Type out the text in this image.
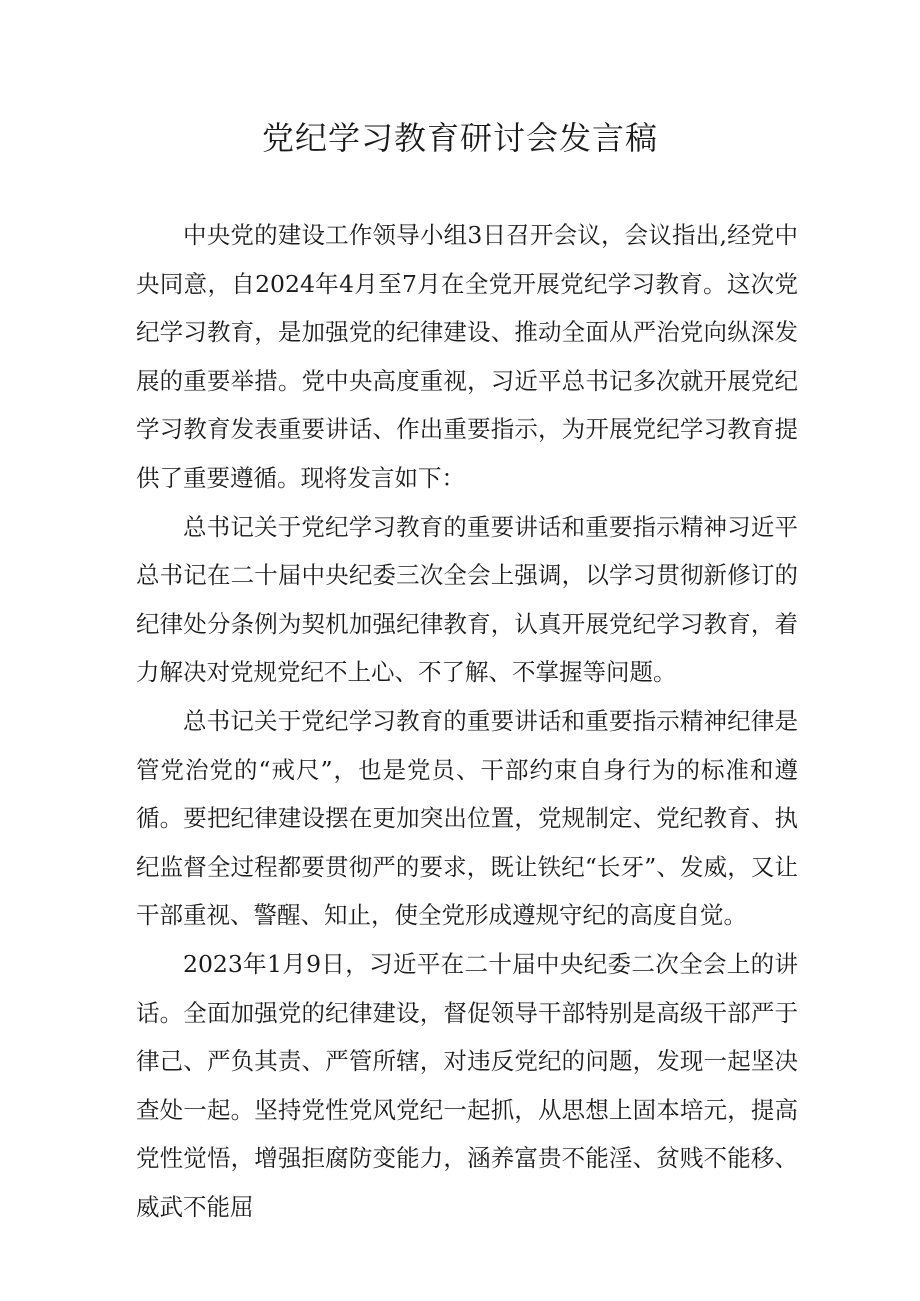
党纪学习教育研讨会发言稿

中央党的建设工作领导小组3日召开会议，会议指出,经党中央同意，自2024年4月至7月在全党开展党纪学习教育。这次党纪学习教育，是加强党的纪律建设、推动全面从严治党向纵深发展的重要举措。党中央高度重视，习近平总书记多次就开展党纪学习教育发表重要讲话、作出重要指示，为开展党纪学习教育提供了重要遵循。现将发言如下：

总书记关于党纪学习教育的重要讲话和重要指示精神习近平总书记在二十届中央纪委三次全会上强调，以学习贯彻新修订的纪律处分条例为契机加强纪律教育，认真开展党纪学习教育，着力解决对党规党纪不上心、不了解、不掌握等问题。

总书记关于党纪学习教育的重要讲话和重要指示精神纪律是管党治党的“戒尺”，也是党员、干部约束自身行为的标准和遵循。要把纪律建设摆在更加突出位置，党规制定、党纪教育、执纪监督全过程都要贯彻严的要求，既让铁纪“长牙”、发威，又让干部重视、警醒、知止，使全党形成遵规守纪的高度自觉。

2023年1月9日，习近平在二十届中央纪委二次全会上的讲话。全面加强党的纪律建设，督促领导干部特别是高级干部严于律己、严负其责、严管所辖，对违反党纪的问题，发现一起坚决查处一起。坚持党性党风党纪一起抓，从思想上固本培元，提高党性觉悟，增强拒腐防变能力，涵养富贵不能淫、贫贱不能移、威武不能屈
